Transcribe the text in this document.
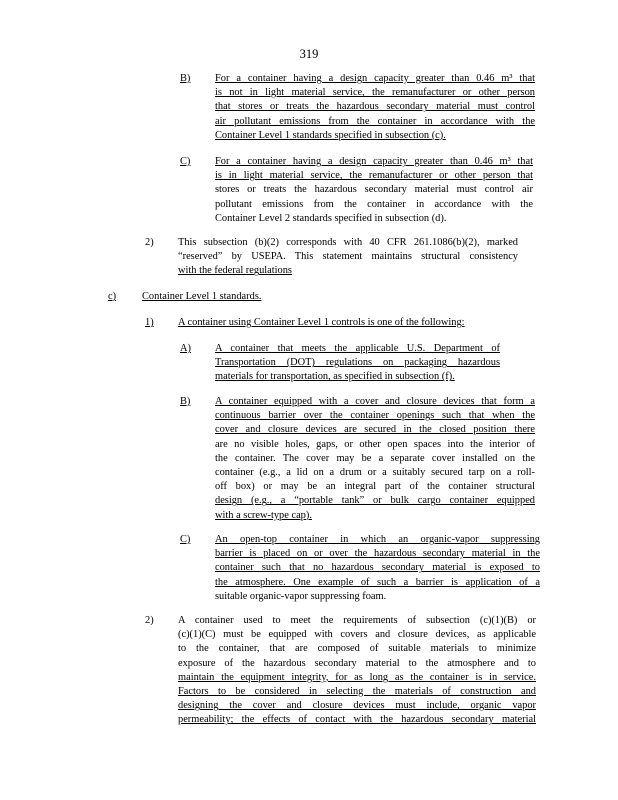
319
B) For a container having a design capacity greater than 0.46 m³ that
is not in light material service, the remanufacturer or other person
that stores or treats the hazardous secondary material must control
air pollutant emissions from the container in accordance with the
Container Level 1 standards specified in subsection (c).
C) For a container having a design capacity greater than 0.46 m³ that
is in light material service, the remanufacturer or other person that
stores or treats the hazardous secondary material must control air
pollutant emissions from the container in accordance with the
Container Level 2 standards specified in subsection (d).
2) This subsection (b)(2) corresponds with 40 CFR 261.1086(b)(2), marked
“reserved” by USEPA. This statement maintains structural consistency
with the federal regulations
c) Container Level 1 standards.
1) A container using Container Level 1 controls is one of the following:
A) A container that meets the applicable U.S. Department of
Transportation (DOT) regulations on packaging hazardous
materials for transportation, as specified in subsection (f).
B) A container equipped with a cover and closure devices that form a
continuous barrier over the container openings such that when the
cover and closure devices are secured in the closed position there
are no visible holes, gaps, or other open spaces into the interior of
the container. The cover may be a separate cover installed on the
container (e.g., a lid on a drum or a suitably secured tarp on a roll-
off box) or may be an integral part of the container structural
design (e.g., a “portable tank” or bulk cargo container equipped
with a screw-type cap).
C) An open-top container in which an organic-vapor suppressing
barrier is placed on or over the hazardous secondary material in the
container such that no hazardous secondary material is exposed to
the atmosphere. One example of such a barrier is application of a
suitable organic-vapor suppressing foam.
2) A container used to meet the requirements of subsection (c)(1)(B) or
(c)(1)(C) must be equipped with covers and closure devices, as applicable
to the container, that are composed of suitable materials to minimize
exposure of the hazardous secondary material to the atmosphere and to
maintain the equipment integrity, for as long as the container is in service.
Factors to be considered in selecting the materials of construction and
designing the cover and closure devices must include, organic vapor
permeability; the effects of contact with the hazardous secondary material
